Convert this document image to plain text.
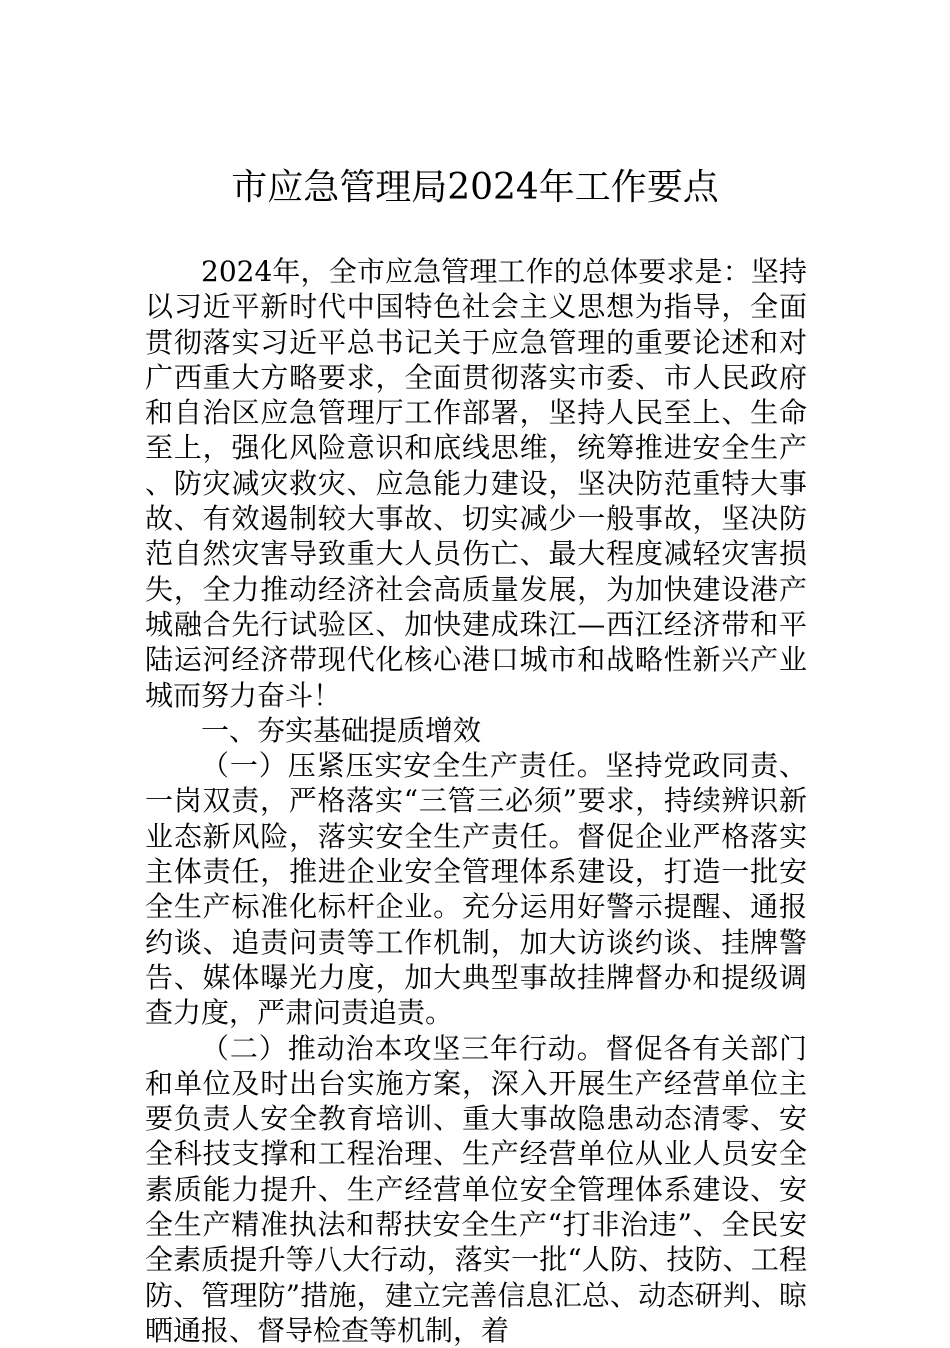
市应急管理局2024年工作要点

2024年，全市应急管理工作的总体要求是：坚持以习近平新时代中国特色社会主义思想为指导，全面贯彻落实习近平总书记关于应急管理的重要论述和对广西重大方略要求，全面贯彻落实市委、市人民政府和自治区应急管理厅工作部署，坚持人民至上、生命至上，强化风险意识和底线思维，统筹推进安全生产、防灾减灾救灾、应急能力建设，坚决防范重特大事故、有效遏制较大事故、切实减少一般事故，坚决防范自然灾害导致重大人员伤亡、最大程度减轻灾害损失，全力推动经济社会高质量发展，为加快建设港产城融合先行试验区、加快建成珠江—西江经济带和平陆运河经济带现代化核心港口城市和战略性新兴产业城而努力奋斗！

一、夯实基础提质增效

（一）压紧压实安全生产责任。坚持党政同责、一岗双责，严格落实“三管三必须”要求，持续辨识新业态新风险，落实安全生产责任。督促企业严格落实主体责任，推进企业安全管理体系建设，打造一批安全生产标准化标杆企业。充分运用好警示提醒、通报约谈、追责问责等工作机制，加大访谈约谈、挂牌警告、媒体曝光力度，加大典型事故挂牌督办和提级调查力度，严肃问责追责。

（二）推动治本攻坚三年行动。督促各有关部门和单位及时出台实施方案，深入开展生产经营单位主要负责人安全教育培训、重大事故隐患动态清零、安全科技支撑和工程治理、生产经营单位从业人员安全素质能力提升、生产经营单位安全管理体系建设、安全生产精准执法和帮扶安全生产“打非治违”、全民安全素质提升等八大行动，落实一批“人防、技防、工程防、管理防”措施，建立完善信息汇总、动态研判、晾晒通报、督导检查等机制，着
